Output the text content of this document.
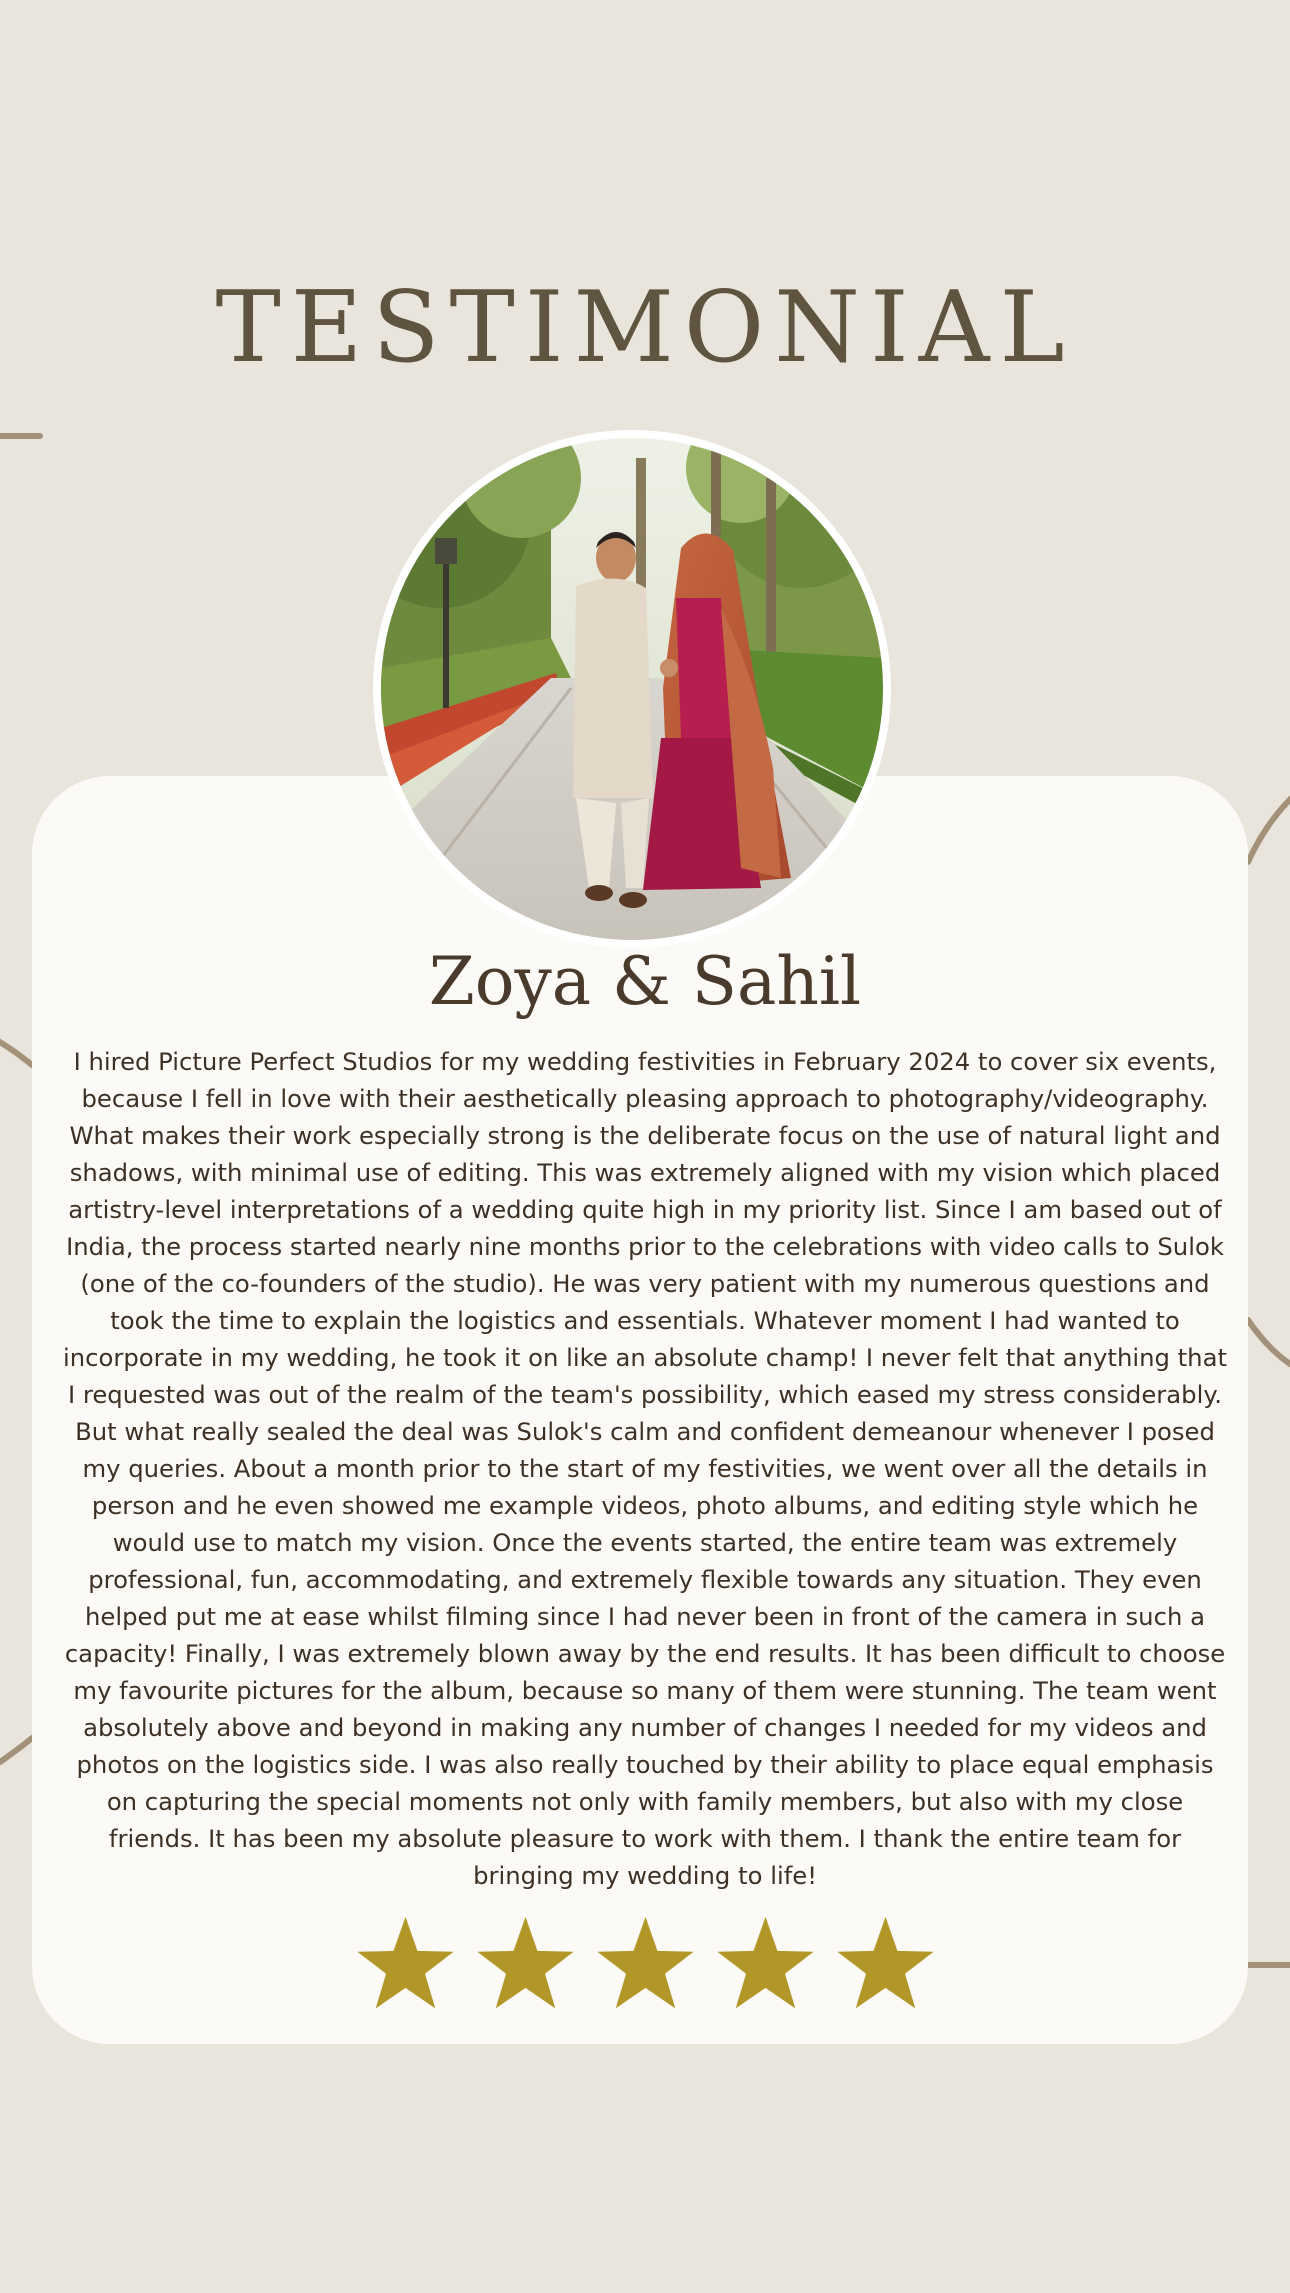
TESTIMONIAL
Zoya & Sahil

I hired Picture Perfect Studios for my wedding festivities in February 2024 to cover six events, because I fell in love with their aesthetically pleasing approach to photography/videography. What makes their work especially strong is the deliberate focus on the use of natural light and shadows, with minimal use of editing. This was extremely aligned with my vision which placed artistry-level interpretations of a wedding quite high in my priority list. Since I am based out of India, the process started nearly nine months prior to the celebrations with video calls to Sulok (one of the co-founders of the studio). He was very patient with my numerous questions and took the time to explain the logistics and essentials. Whatever moment I had wanted to incorporate in my wedding, he took it on like an absolute champ! I never felt that anything that I requested was out of the realm of the team's possibility, which eased my stress considerably. But what really sealed the deal was Sulok's calm and confident demeanour whenever I posed my queries. About a month prior to the start of my festivities, we went over all the details in person and he even showed me example videos, photo albums, and editing style which he would use to match my vision. Once the events started, the entire team was extremely professional, fun, accommodating, and extremely flexible towards any situation. They even helped put me at ease whilst filming since I had never been in front of the camera in such a capacity! Finally, I was extremely blown away by the end results. It has been difficult to choose my favourite pictures for the album, because so many of them were stunning. The team went absolutely above and beyond in making any number of changes I needed for my videos and photos on the logistics side. I was also really touched by their ability to place equal emphasis on capturing the special moments not only with family members, but also with my close friends. It has been my absolute pleasure to work with them. I thank the entire team for bringing my wedding to life!
